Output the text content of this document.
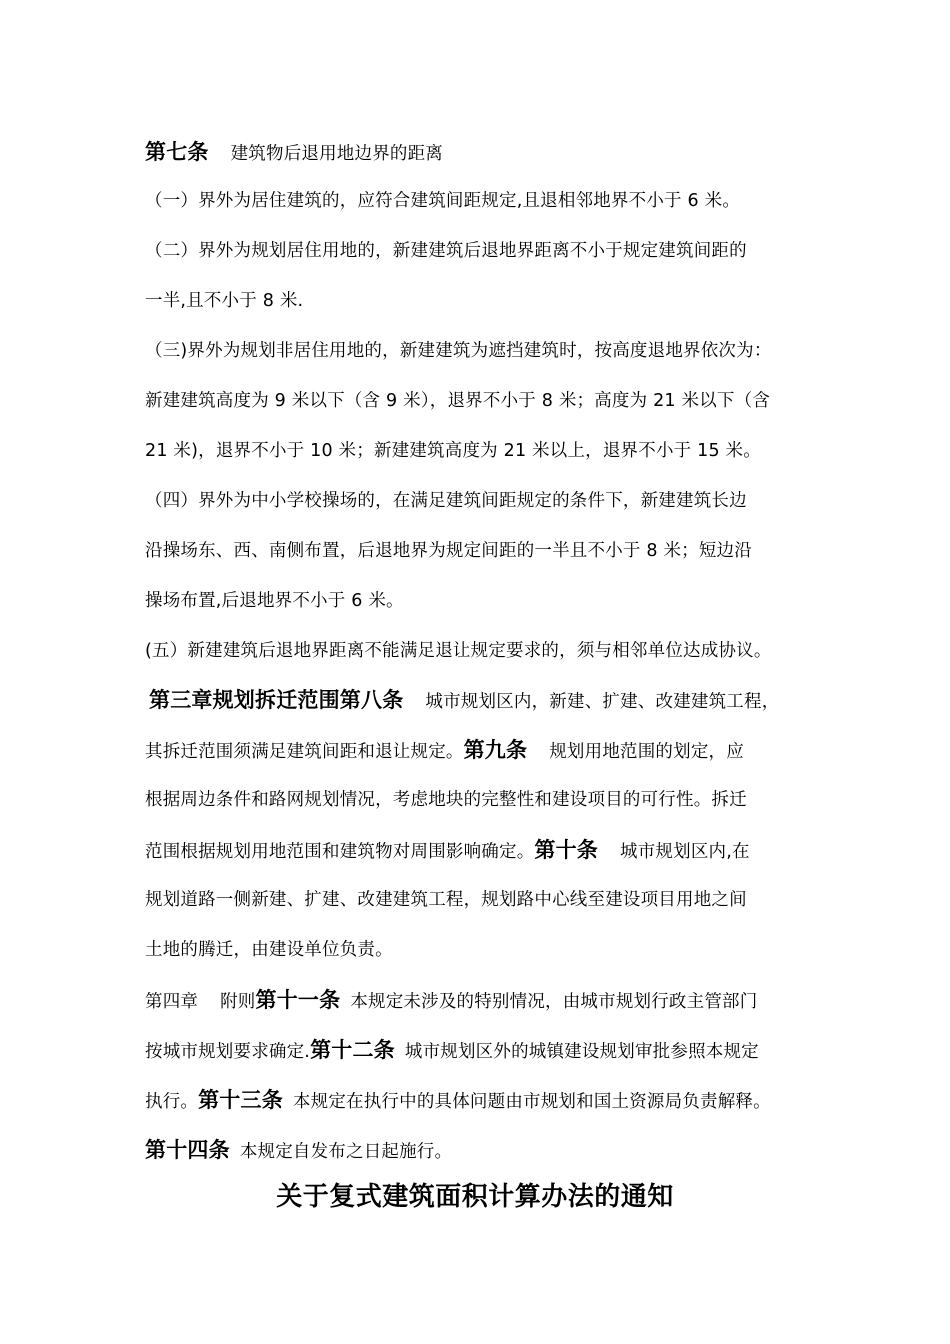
第七条 建筑物后退用地边界的距离
（一）界外为居住建筑的，应符合建筑间距规定,且退相邻地界不小于 6 米。
（二）界外为规划居住用地的，新建建筑后退地界距离不小于规定建筑间距的
一半,且不小于 8 米.
（三)界外为规划非居住用地的，新建建筑为遮挡建筑时，按高度退地界依次为：
新建建筑高度为 9 米以下（含 9 米），退界不小于 8 米；高度为 21 米以下（含
21 米)，退界不小于 10 米；新建建筑高度为 21 米以上，退界不小于 15 米。
（四）界外为中小学校操场的，在满足建筑间距规定的条件下，新建建筑长边
沿操场东、西、南侧布置，后退地界为规定间距的一半且不小于 8 米；短边沿
操场布置,后退地界不小于 6 米。
(五）新建建筑后退地界距离不能满足退让规定要求的，须与相邻单位达成协议。
第三章规划拆迁范围第八条 城市规划区内，新建、扩建、改建建筑工程，
其拆迁范围须满足建筑间距和退让规定。第九条 规划用地范围的划定，应
根据周边条件和路网规划情况，考虑地块的完整性和建设项目的可行性。拆迁
范围根据规划用地范围和建筑物对周围影响确定。第十条 城市规划区内,在
规划道路一侧新建、扩建、改建建筑工程，规划路中心线至建设项目用地之间
土地的腾迁，由建设单位负责。
第四章 附则第十一条 本规定未涉及的特别情况，由城市规划行政主管部门
按城市规划要求确定.第十二条 城市规划区外的城镇建设规划审批参照本规定
执行。第十三条 本规定在执行中的具体问题由市规划和国土资源局负责解释。
第十四条 本规定自发布之日起施行。
关于复式建筑面积计算办法的通知
